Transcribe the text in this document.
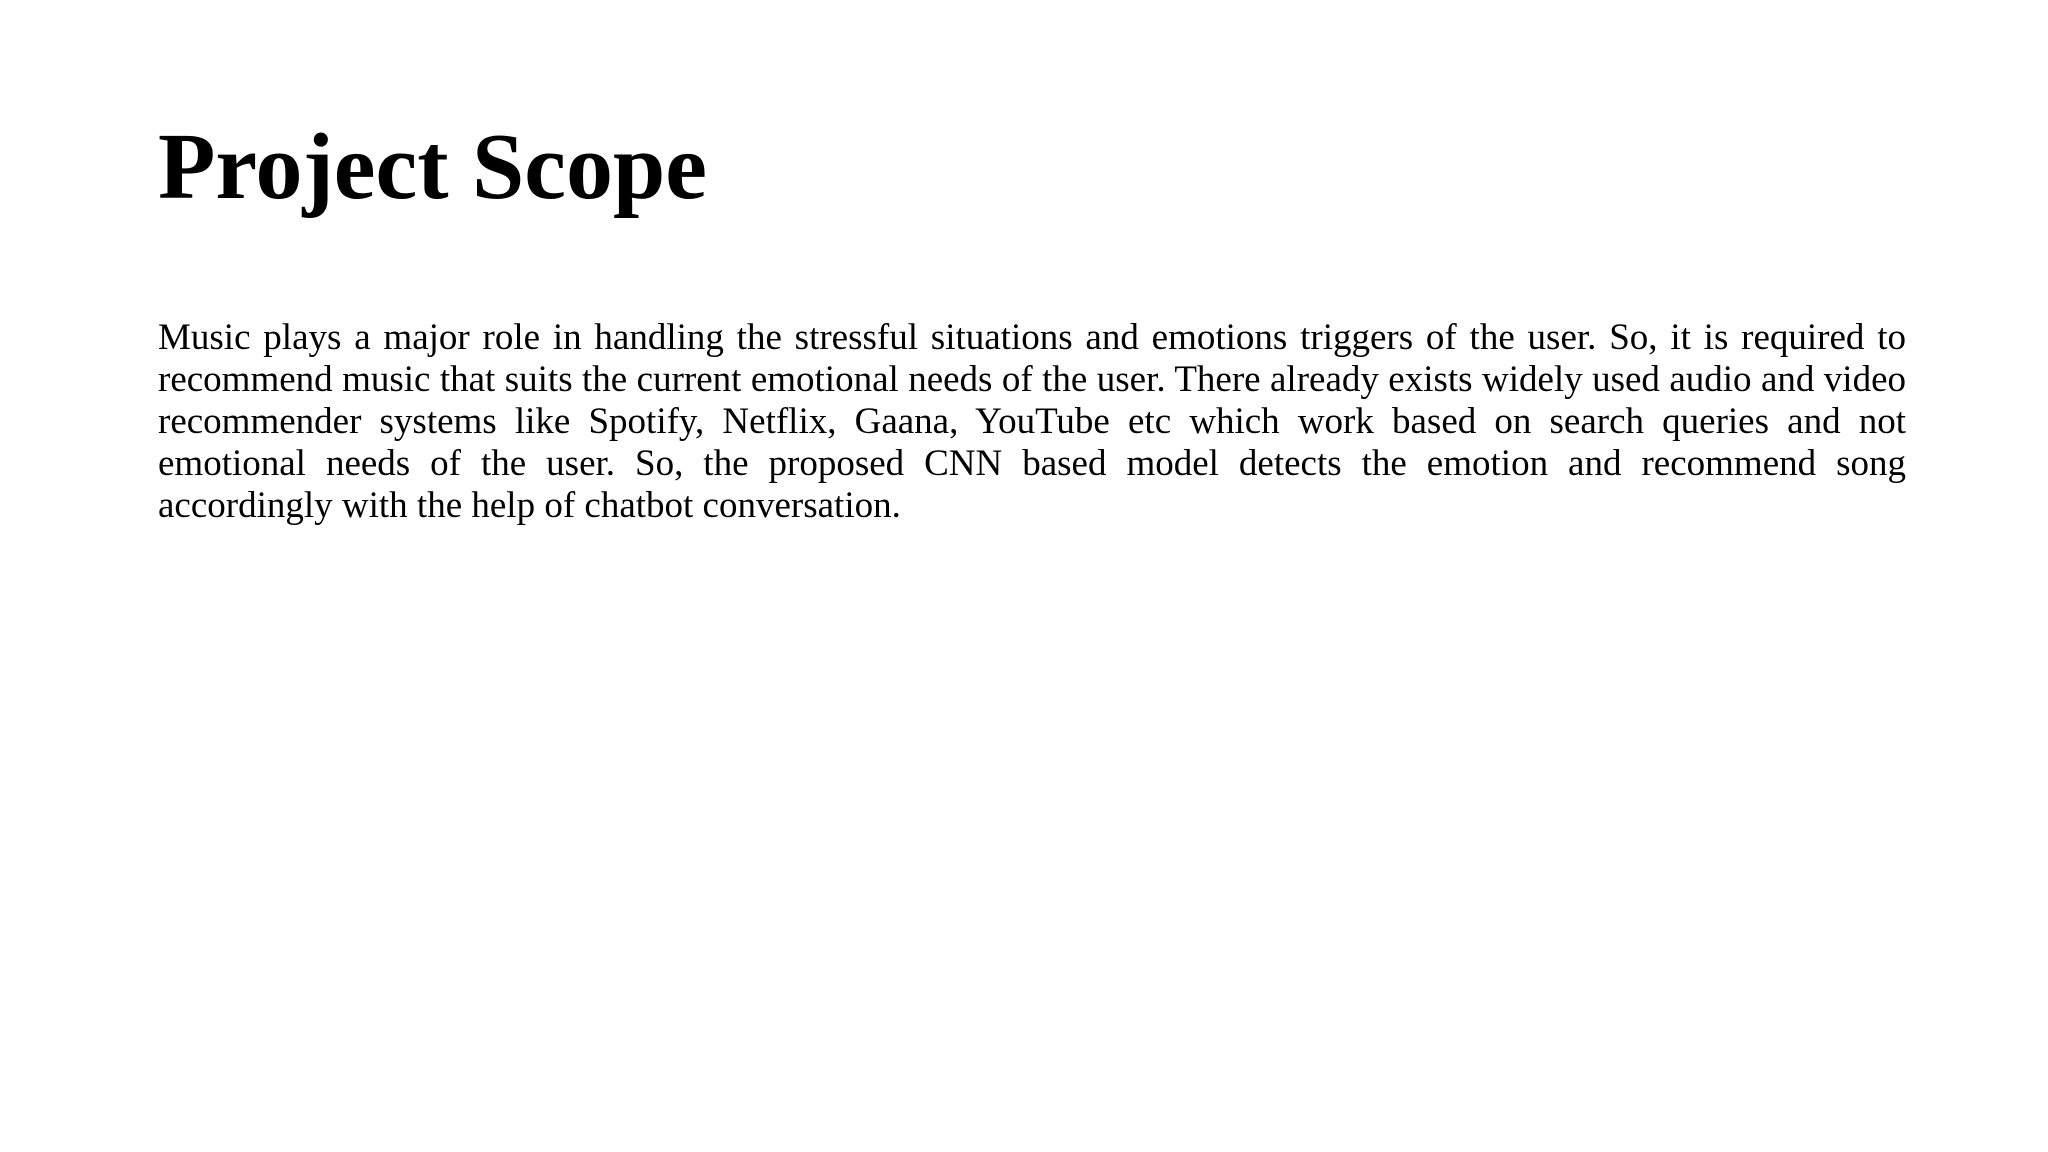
Project Scope

Music plays a major role in handling the stressful situations and emotions triggers of the user. So, it is required to recommend music that suits the current emotional needs of the user. There already exists widely used audio and video recommender systems like Spotify, Netflix, Gaana, YouTube etc which work based on search queries and not emotional needs of the user. So, the proposed CNN based model detects the emotion and recommend song accordingly with the help of chatbot conversation.
